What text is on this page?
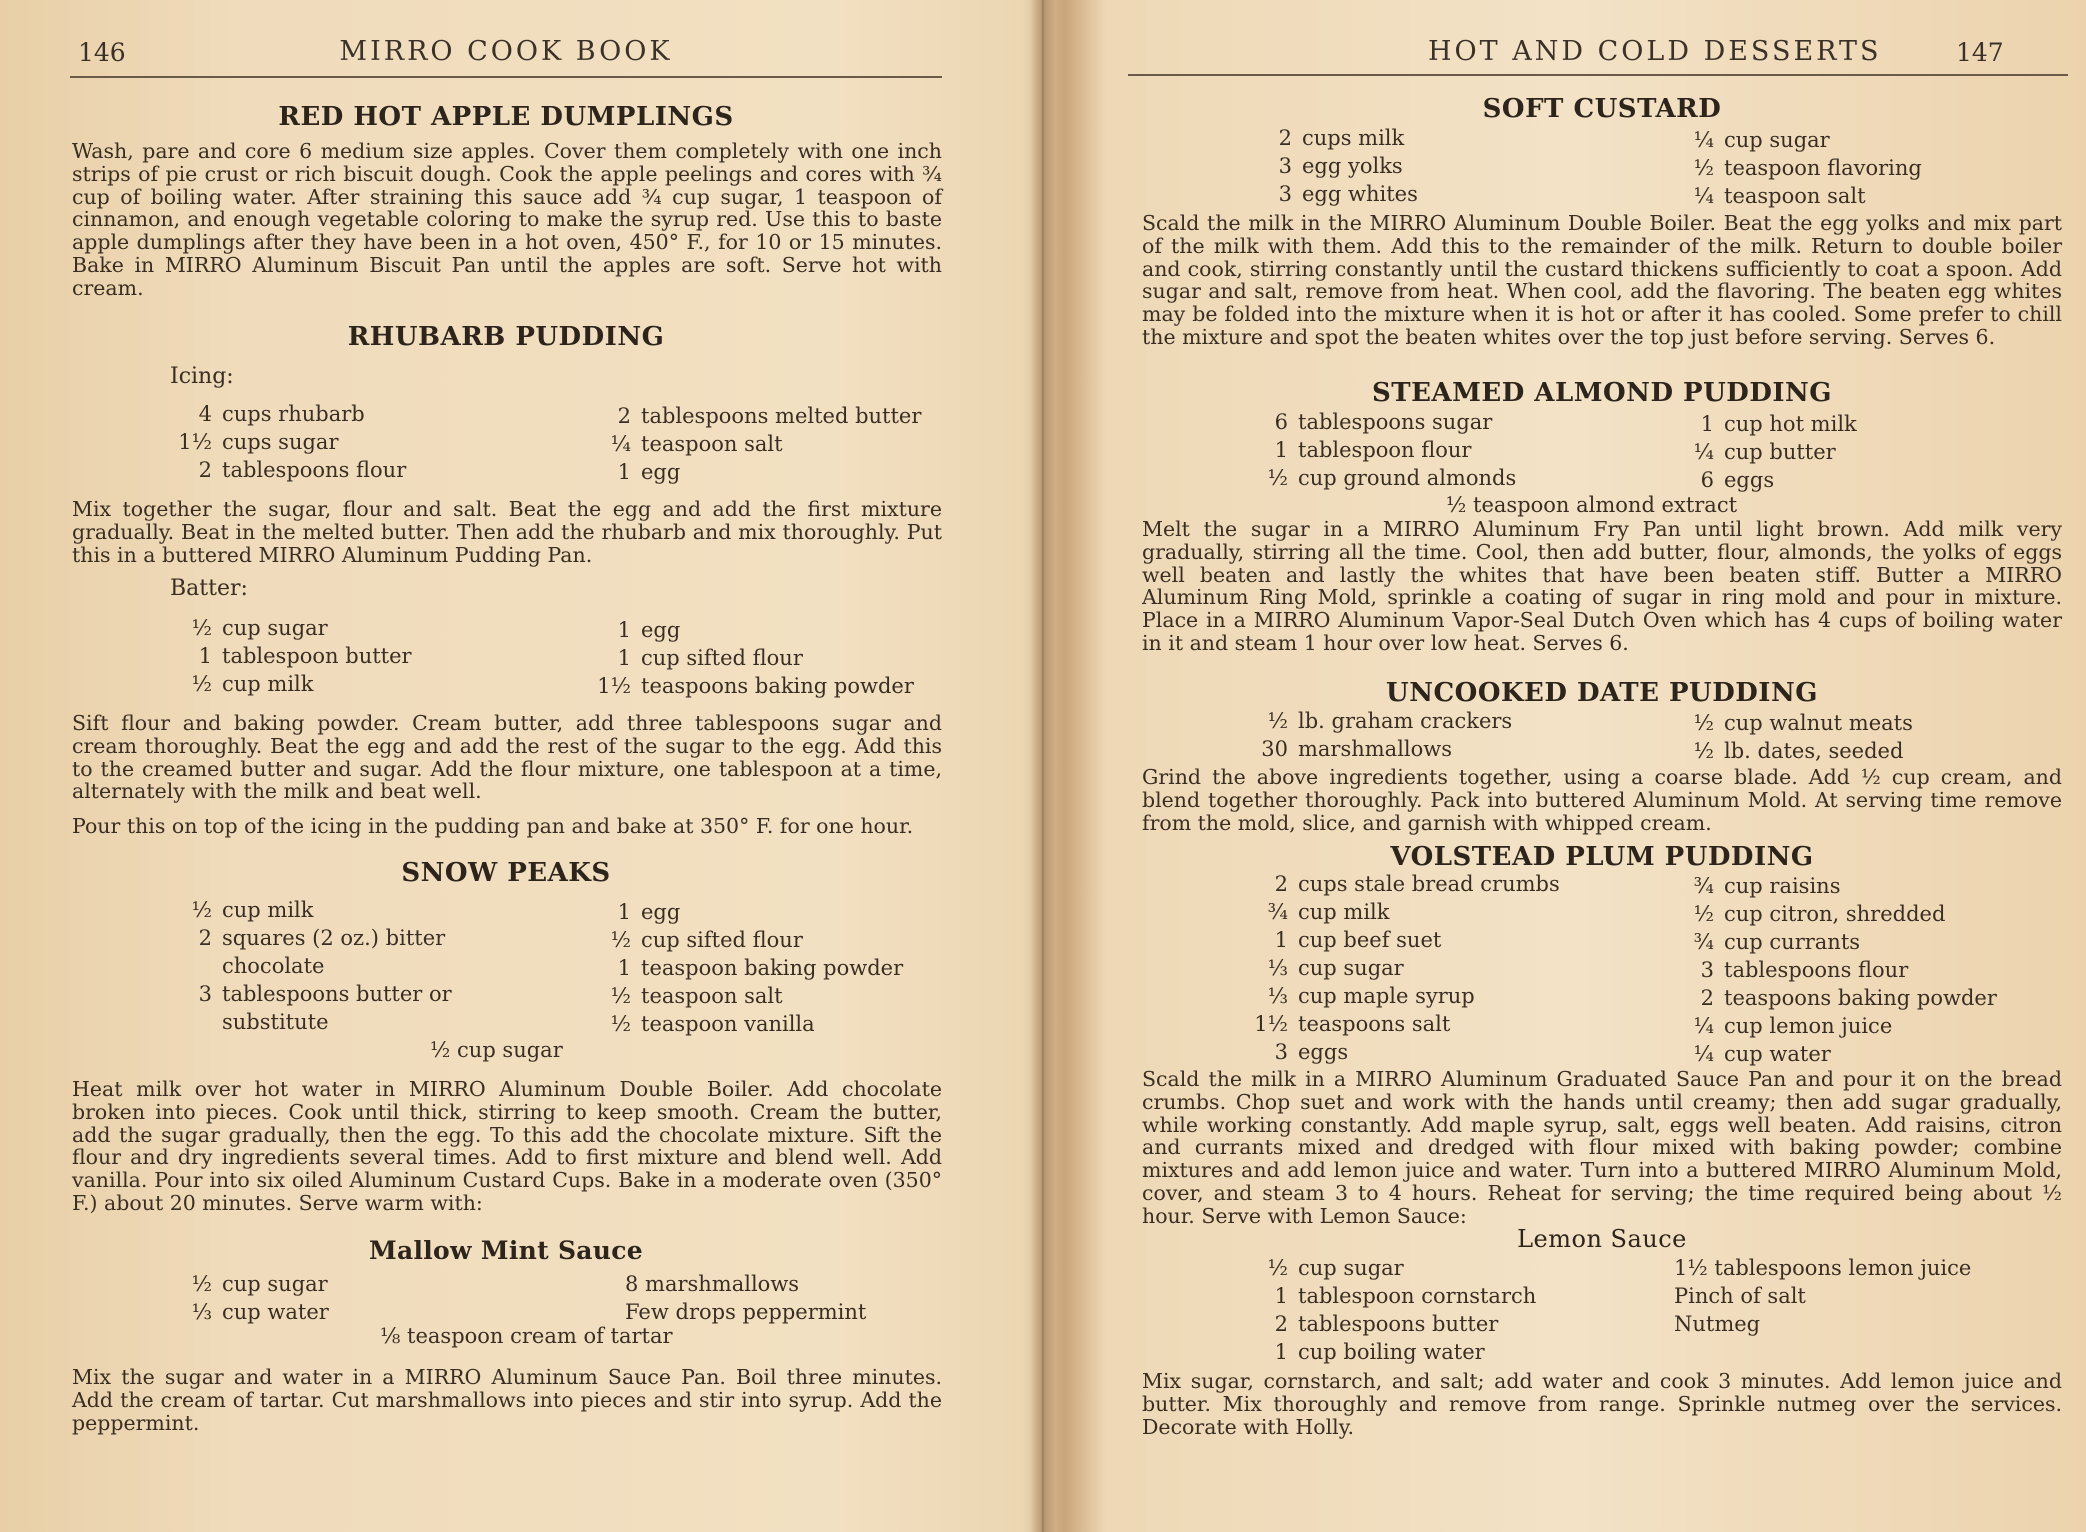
146	MIRRO COOK BOOK
RED HOT APPLE DUMPLINGS
Wash, pare and core 6 medium size apples. Cover them completely with one inch strips of pie crust or rich biscuit dough. Cook the apple peelings and cores with ¾ cup of boiling water. After straining this sauce add ¾ cup sugar, 1 teaspoon of cinnamon, and enough vegetable coloring to make the syrup red. Use this to baste apple dumplings after they have been in a hot oven, 450° F., for 10 or 15 minutes. Bake in MIRRO Aluminum Biscuit Pan until the apples are soft. Serve hot with cream.
RHUBARB PUDDING
Icing:
4 cups rhubarb
1½ cups sugar
2 tablespoons flour
2 tablespoons melted butter
¼ teaspoon salt
1 egg
Mix together the sugar, flour and salt. Beat the egg and add the first mixture gradually. Beat in the melted butter. Then add the rhubarb and mix thoroughly. Put this in a buttered MIRRO Aluminum Pudding Pan.
Batter:
½ cup sugar
1 tablespoon butter
½ cup milk
1 egg
1 cup sifted flour
1½ teaspoons baking powder
Sift flour and baking powder. Cream butter, add three tablespoons sugar and cream thoroughly. Beat the egg and add the rest of the sugar to the egg. Add this to the creamed butter and sugar. Add the flour mixture, one tablespoon at a time, alternately with the milk and beat well.
Pour this on top of the icing in the pudding pan and bake at 350° F. for one hour.
SNOW PEAKS
½ cup milk
2 squares (2 oz.) bitter
chocolate
3 tablespoons butter or
substitute
1 egg
½ cup sifted flour
1 teaspoon baking powder
½ teaspoon salt
½ teaspoon vanilla
½ cup sugar
Heat milk over hot water in MIRRO Aluminum Double Boiler. Add chocolate broken into pieces. Cook until thick, stirring to keep smooth. Cream the butter, add the sugar gradually, then the egg. To this add the chocolate mixture. Sift the flour and dry ingredients several times. Add to first mixture and blend well. Add vanilla. Pour into six oiled Aluminum Custard Cups. Bake in a moderate oven (350° F.) about 20 minutes. Serve warm with:
Mallow Mint Sauce
½ cup sugar
⅓ cup water
8 marshmallows
Few drops peppermint
⅛ teaspoon cream of tartar
Mix the sugar and water in a MIRRO Aluminum Sauce Pan. Boil three minutes. Add the cream of tartar. Cut marshmallows into pieces and stir into syrup. Add the peppermint.
HOT AND COLD DESSERTS	147
SOFT CUSTARD
2 cups milk
3 egg yolks
3 egg whites
¼ cup sugar
½ teaspoon flavoring
¼ teaspoon salt
Scald the milk in the MIRRO Aluminum Double Boiler. Beat the egg yolks and mix part of the milk with them. Add this to the remainder of the milk. Return to double boiler and cook, stirring constantly until the custard thickens sufficiently to coat a spoon. Add sugar and salt, remove from heat. When cool, add the flavoring. The beaten egg whites may be folded into the mixture when it is hot or after it has cooled. Some prefer to chill the mixture and spot the beaten whites over the top just before serving. Serves 6.
STEAMED ALMOND PUDDING
6 tablespoons sugar
1 tablespoon flour
½ cup ground almonds
1 cup hot milk
¼ cup butter
6 eggs
½ teaspoon almond extract
Melt the sugar in a MIRRO Aluminum Fry Pan until light brown. Add milk very gradually, stirring all the time. Cool, then add butter, flour, almonds, the yolks of eggs well beaten and lastly the whites that have been beaten stiff. Butter a MIRRO Aluminum Ring Mold, sprinkle a coating of sugar in ring mold and pour in mixture. Place in a MIRRO Aluminum Vapor-Seal Dutch Oven which has 4 cups of boiling water in it and steam 1 hour over low heat. Serves 6.
UNCOOKED DATE PUDDING
½ lb. graham crackers
30 marshmallows
½ cup walnut meats
½ lb. dates, seeded
Grind the above ingredients together, using a coarse blade. Add ½ cup cream, and blend together thoroughly. Pack into buttered Aluminum Mold. At serving time remove from the mold, slice, and garnish with whipped cream.
VOLSTEAD PLUM PUDDING
2 cups stale bread crumbs
¾ cup milk
1 cup beef suet
⅓ cup sugar
⅓ cup maple syrup
1½ teaspoons salt
3 eggs
¾ cup raisins
½ cup citron, shredded
¾ cup currants
3 tablespoons flour
2 teaspoons baking powder
¼ cup lemon juice
¼ cup water
Scald the milk in a MIRRO Aluminum Graduated Sauce Pan and pour it on the bread crumbs. Chop suet and work with the hands until creamy; then add sugar gradually, while working constantly. Add maple syrup, salt, eggs well beaten. Add raisins, citron and currants mixed and dredged with flour mixed with baking powder; combine mixtures and add lemon juice and water. Turn into a buttered MIRRO Aluminum Mold, cover, and steam 3 to 4 hours. Reheat for serving; the time required being about ½ hour. Serve with Lemon Sauce:
Lemon Sauce
½ cup sugar
1 tablespoon cornstarch
2 tablespoons butter
1 cup boiling water
1½ tablespoons lemon juice
Pinch of salt
Nutmeg
Mix sugar, cornstarch, and salt; add water and cook 3 minutes. Add lemon juice and butter. Mix thoroughly and remove from range. Sprinkle nutmeg over the services. Decorate with Holly.
